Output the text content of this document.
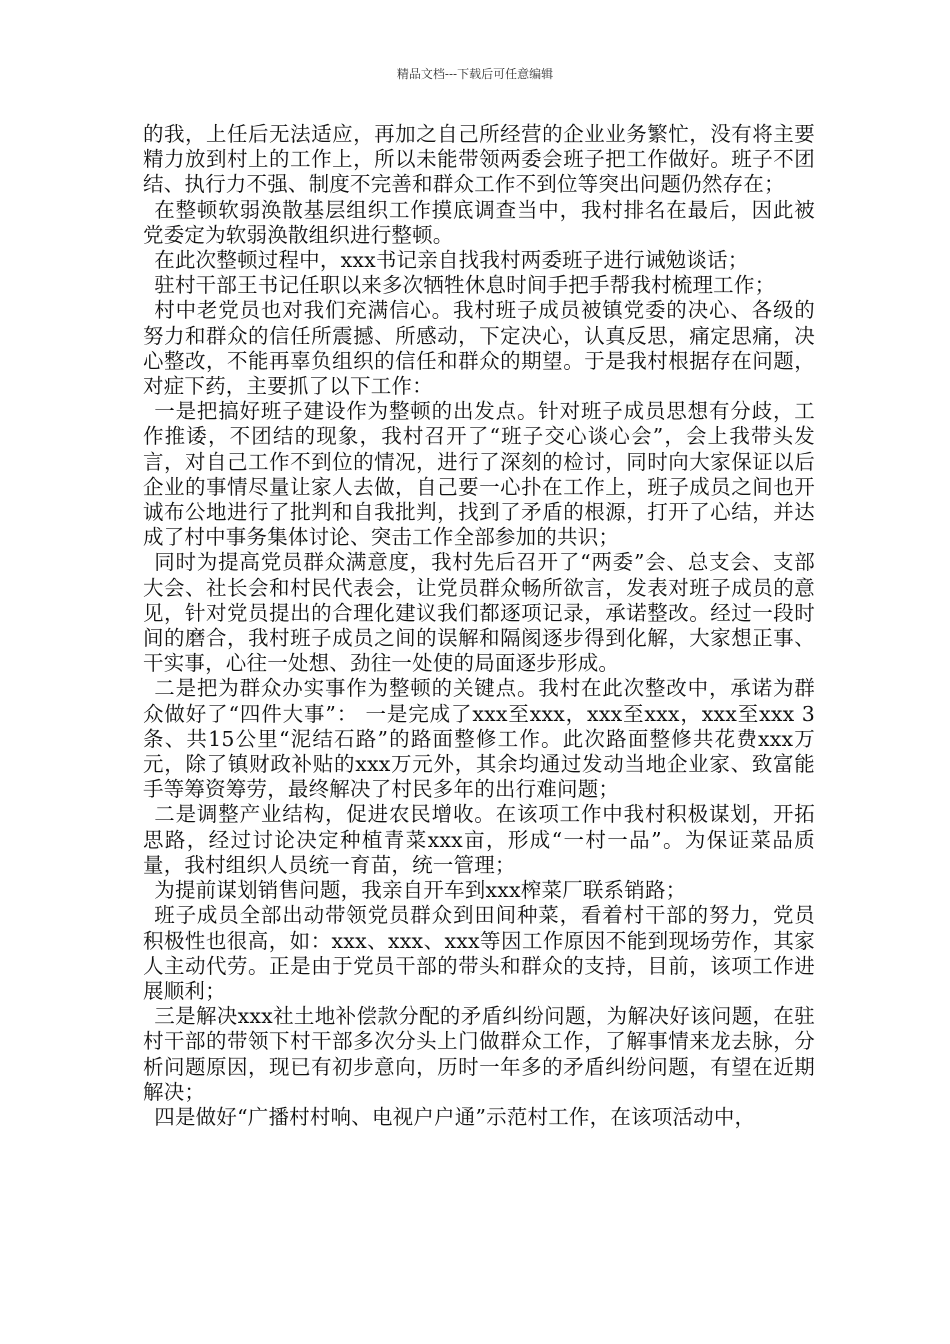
精品文档---下载后可任意编辑

的我，上任后无法适应，再加之自己所经营的企业业务繁忙，没有将主要精力放到村上的工作上，所以未能带领两委会班子把工作做好。班子不团结、执行力不强、制度不完善和群众工作不到位等突出问题仍然存在；

在整顿软弱涣散基层组织工作摸底调查当中，我村排名在最后，因此被党委定为软弱涣散组织进行整顿。

在此次整顿过程中，xxx书记亲自找我村两委班子进行诫勉谈话；

驻村干部王书记任职以来多次牺牲休息时间手把手帮我村梳理工作；

村中老党员也对我们充满信心。我村班子成员被镇党委的决心、各级的努力和群众的信任所震撼、所感动，下定决心，认真反思，痛定思痛，决心整改，不能再辜负组织的信任和群众的期望。于是我村根据存在问题，对症下药，主要抓了以下工作：

一是把搞好班子建设作为整顿的出发点。针对班子成员思想有分歧，工作推诿，不团结的现象，我村召开了“班子交心谈心会”，会上我带头发言，对自己工作不到位的情况，进行了深刻的检讨，同时向大家保证以后企业的事情尽量让家人去做，自己要一心扑在工作上，班子成员之间也开诚布公地进行了批判和自我批判，找到了矛盾的根源，打开了心结，并达成了村中事务集体讨论、突击工作全部参加的共识；

同时为提高党员群众满意度，我村先后召开了“两委”会、总支会、支部大会、社长会和村民代表会，让党员群众畅所欲言，发表对班子成员的意见，针对党员提出的合理化建议我们都逐项记录，承诺整改。经过一段时间的磨合，我村班子成员之间的误解和隔阂逐步得到化解，大家想正事、干实事，心往一处想、劲往一处使的局面逐步形成。

二是把为群众办实事作为整顿的关键点。我村在此次整改中，承诺为群众做好了“四件大事”： 一是完成了xxx至xxx，xxx至xxx，xxx至xxx 3条、共15公里“泥结石路”的路面整修工作。此次路面整修共花费xxx万元，除了镇财政补贴的xxx万元外，其余均通过发动当地企业家、致富能手等筹资筹劳，最终解决了村民多年的出行难问题；

二是调整产业结构，促进农民增收。在该项工作中我村积极谋划，开拓思路，经过讨论决定种植青菜xxx亩，形成“一村一品”。为保证菜品质量，我村组织人员统一育苗，统一管理；

为提前谋划销售问题，我亲自开车到xxx榨菜厂联系销路；

班子成员全部出动带领党员群众到田间种菜，看着村干部的努力，党员积极性也很高，如：xxx、xxx、xxx等因工作原因不能到现场劳作，其家人主动代劳。正是由于党员干部的带头和群众的支持，目前，该项工作进展顺利；

三是解决xxx社土地补偿款分配的矛盾纠纷问题，为解决好该问题，在驻村干部的带领下村干部多次分头上门做群众工作，了解事情来龙去脉，分析问题原因，现已有初步意向，历时一年多的矛盾纠纷问题，有望在近期解决；

四是做好“广播村村响、电视户户通”示范村工作，在该项活动中，
